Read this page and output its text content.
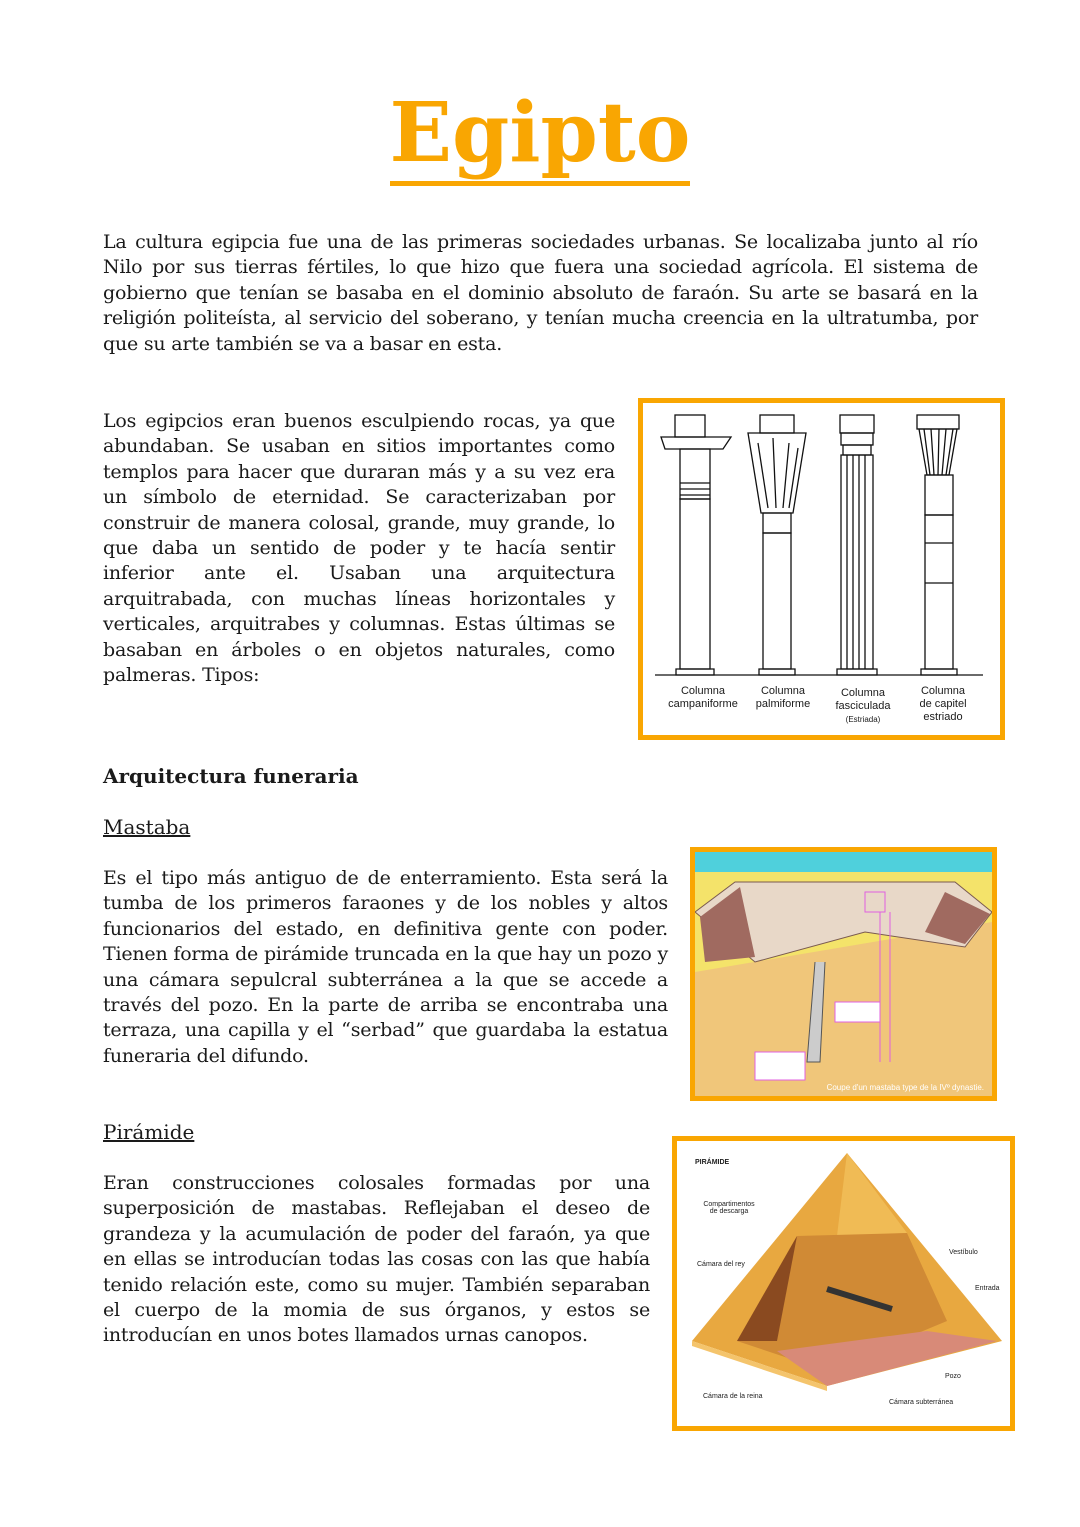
Egipto
La cultura egipcia fue una de las primeras sociedades urbanas. Se localizaba junto al río Nilo por sus tierras fértiles, lo que hizo que fuera una sociedad agrícola. El sistema de gobierno que tenían se basaba en el dominio absoluto de faraón. Su arte se basará en la religión politeísta, al servicio del soberano, y tenían mucha creencia en la ultratumba, por que su arte también se va a basar en esta.
Los egipcios eran buenos esculpiendo rocas, ya que abundaban. Se usaban en sitios importantes como templos para hacer que duraran más y a su vez era un símbolo de eternidad. Se caracterizaban por construir de manera colosal, grande, muy grande, lo que daba un sentido de poder y te hacía sentir inferior ante el. Usaban una arquitectura arquitrabada, con muchas líneas horizontales y verticales, arquitrabes y columnas. Estas últimas se basaban en árboles o en objetos naturales, como palmeras. Tipos:
Columna
campaniforme
Columna
palmiforme
Columna
fasciculada
(Estriada)
Columna
de capitel
estriado
Arquitectura funeraria
Mastaba
Es el tipo más antiguo de de enterramiento. Esta será la tumba de los primeros faraones y de los nobles y altos funcionarios del estado, en definitiva gente con poder. Tienen forma de pirámide truncada en la que hay un pozo y una cámara sepulcral subterránea a la que se accede a través del pozo. En la parte de arriba se encontraba una terraza, una capilla y el “serbad” que guardaba la estatua funeraria del difundo.
Coupe d'un mastaba type de la IVº dynastie.
Pirámide
Eran construcciones colosales formadas por una superposición de mastabas. Reflejaban el deseo de grandeza y la acumulación de poder del faraón, ya que en ellas se introducían todas las cosas con las que había tenido relación este, como su mujer. También separaban el cuerpo de la momia de sus órganos, y estos se introducían en unos botes llamados urnas canopos.
PIRÁMIDE
Compartimentos de descarga
Cámara del rey
Vestíbulo
Entrada
Pozo
Cámara de la reina
Cámara subterránea
